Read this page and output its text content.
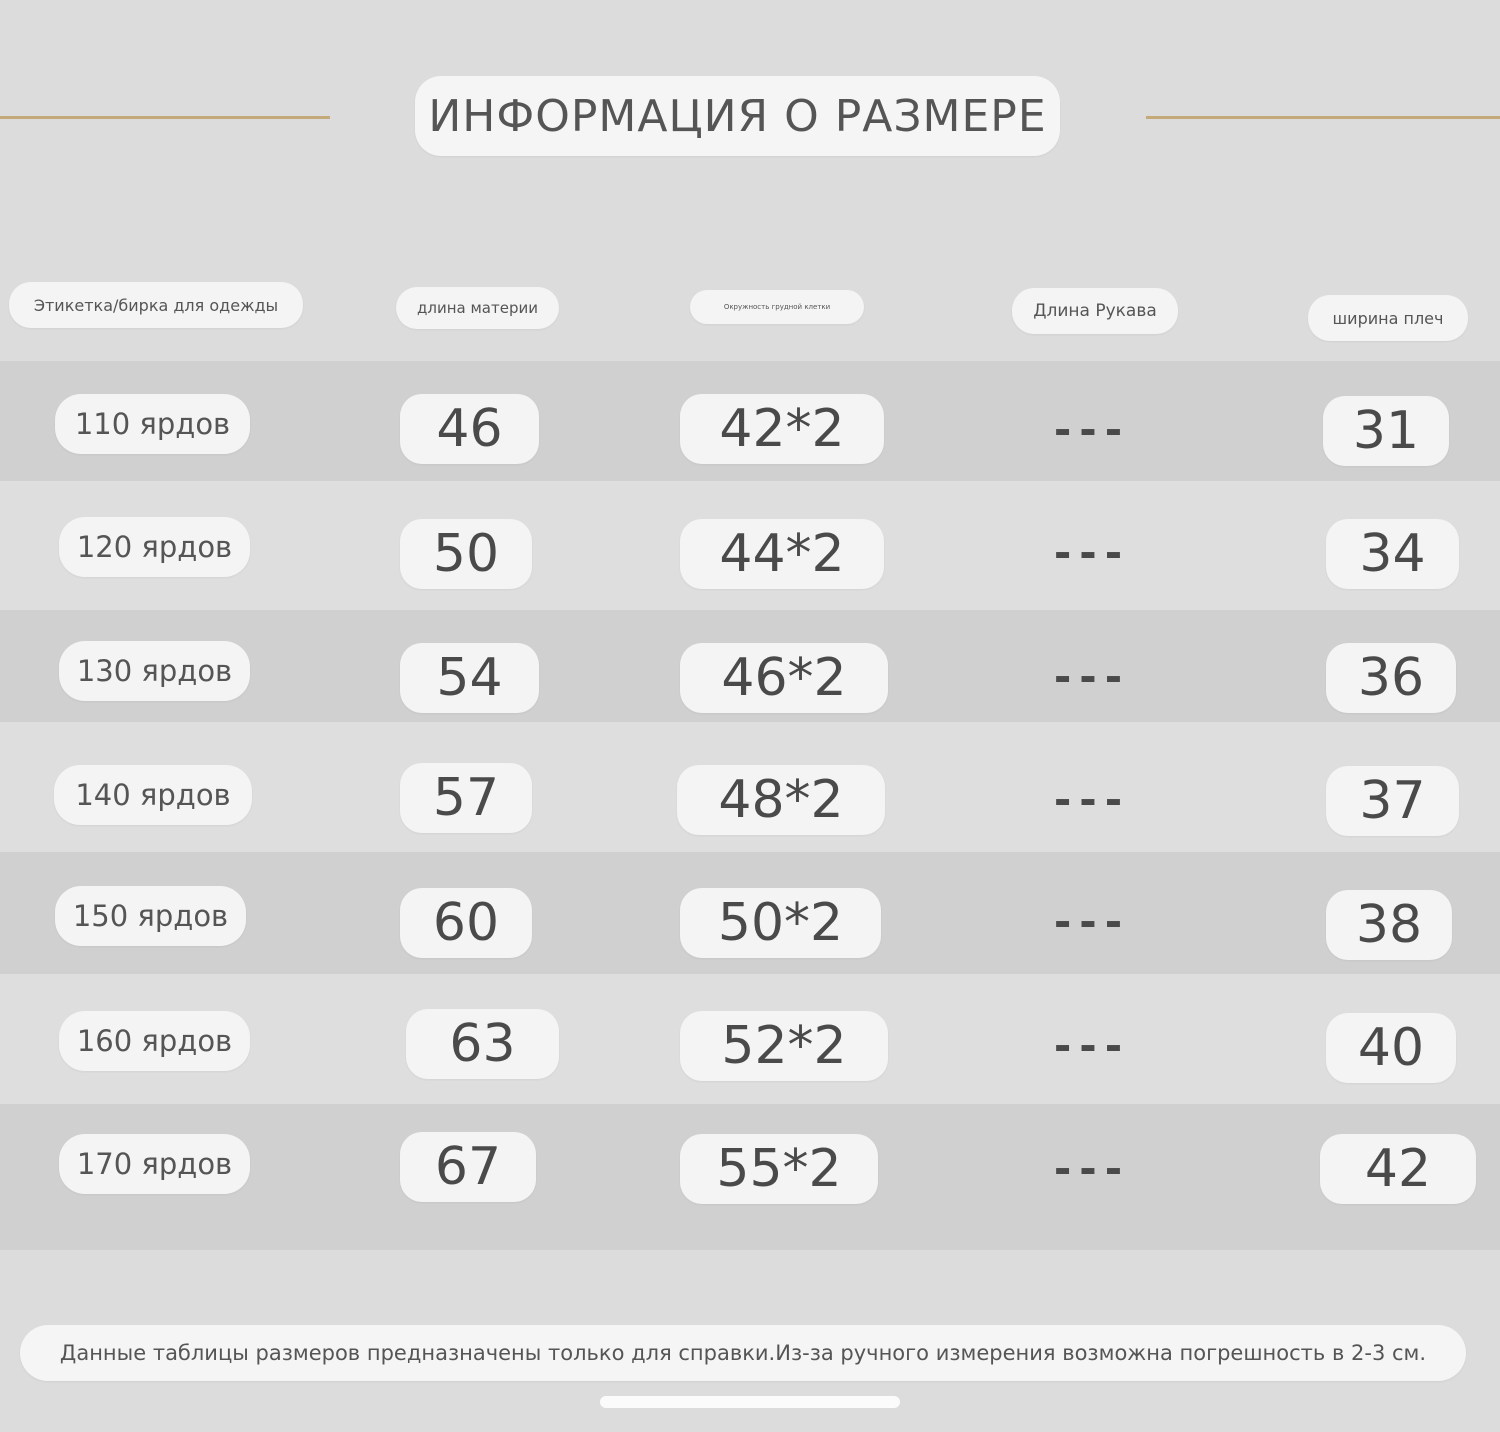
ИНФОРМАЦИЯ О РАЗМЕРЕ
Этикетка/бирка для одежды	длина материи	Окружность грудной клетки	Длина Рукава	ширина плеч
110 ярдов	46	42*2	---	31
120 ярдов	50	44*2	---	34
130 ярдов	54	46*2	---	36
140 ярдов	57	48*2	---	37
150 ярдов	60	50*2	---	38
160 ярдов	63	52*2	---	40
170 ярдов	67	55*2	---	42
Данные таблицы размеров предназначены только для справки.Из-за ручного измерения возможна погрешность в 2-3 см.
